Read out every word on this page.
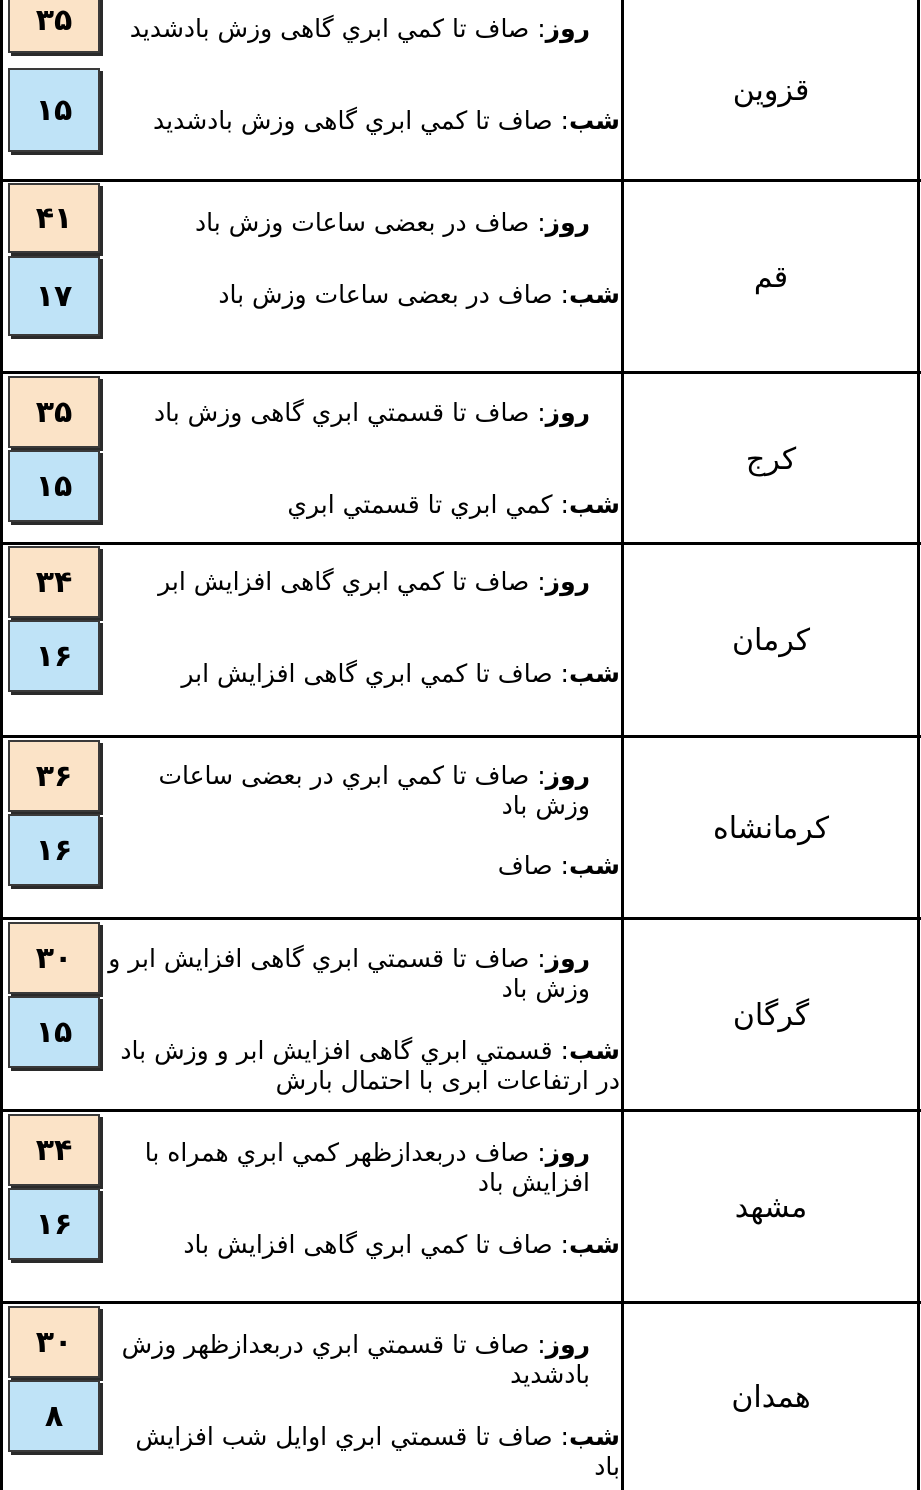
۳۵
۱۵
روز: صاف تا كمي ابري گاهی وزش بادشدید
شب: صاف تا كمي ابري گاهی وزش بادشدید
قزوین
۴۱
۱۷
روز: صاف در بعضی ساعات وزش باد
شب: صاف در بعضی ساعات وزش باد	قم
۳۵
۱۵
روز: صاف تا قسمتي ابري گاهی وزش باد
شب: كمي ابري تا قسمتي ابري
کرج
۳۴
۱۶
روز: صاف تا كمي ابري گاهی افزایش ابر
شب: صاف تا كمي ابري گاهی افزایش ابر
کرمان
۳۶
۱۶
روز: صاف تا كمي ابري در بعضی ساعات وزش باد
شب: صاف
کرمانشاه
۳۰
۱۵
روز: صاف تا قسمتي ابري گاهی افزایش ابر و وزش باد
شب: قسمتي ابري گاهی افزایش ابر و وزش باد در ارتفاعات ابری با احتمال بارش
گرگان
۳۴
۱۶
روز: صاف دربعدازظهر كمي ابري همراه با افزایش باد
شب: صاف تا كمي ابري گاهی افزایش باد
مشهد
۳۰
۸
روز: صاف تا قسمتي ابري دربعدازظهر وزش بادشدید
شب: صاف تا قسمتي ابري اوایل شب افزایش باد
همدان
